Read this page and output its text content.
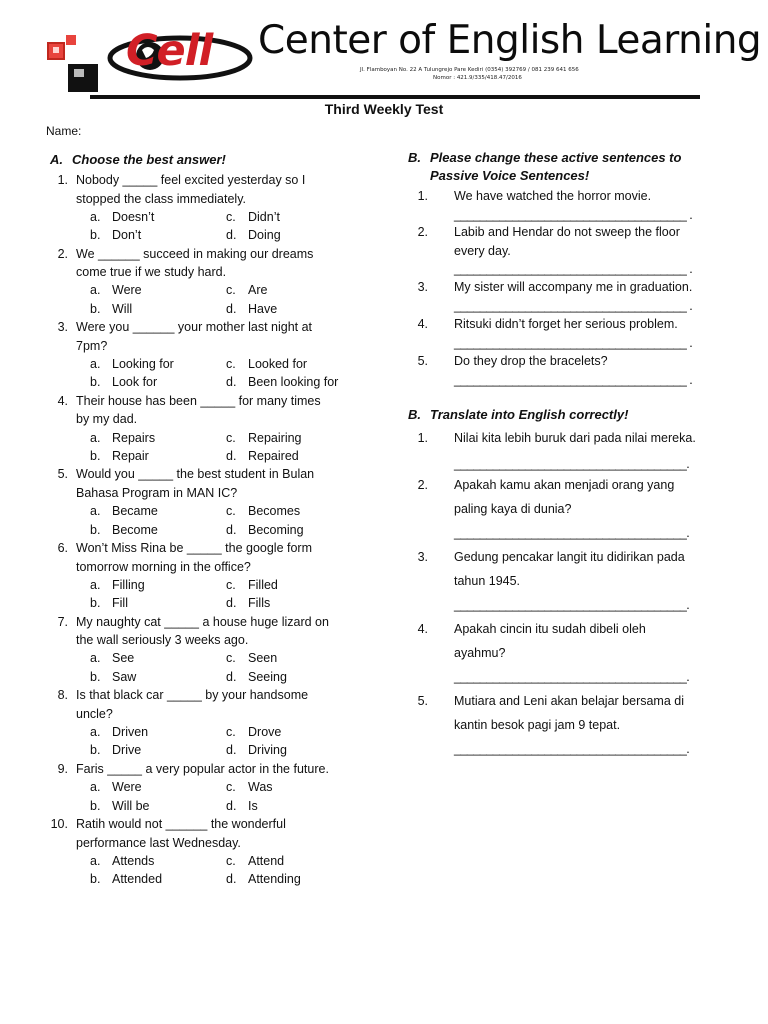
Cell Center of English Learning
Jl. Flamboyan No. 22 A Tulungrejo Pare Kediri (0354) 392769 / 081 239 641 656
Nomor : 421.9/335/418.47/2016
Third Weekly Test
Name:
A. Choose the best answer!
1. Nobody _____ feel excited yesterday so I
stopped the class immediately.
a. Doesn’t	c. Didn’t
b. Don’t	d. Doing
2. We ______ succeed in making our dreams
come true if we study hard.
a. Were	c. Are
b. Will	d. Have
3. Were you ______ your mother last night at
7pm?
a. Looking for	c. Looked for
b. Look for	d. Been looking for
4. Their house has been _____ for many times
by my dad.
a. Repairs	c. Repairing
b. Repair	d. Repaired
5. Would you _____ the best student in Bulan
Bahasa Program in MAN IC?
a. Became	c. Becomes
b. Become	d. Becoming
6. Won’t Miss Rina be _____ the google form
tomorrow morning in the office?
a. Filling	c. Filled
b. Fill	d. Fills
7. My naughty cat _____ a house huge lizard on
the wall seriously 3 weeks ago.
a. See	c. Seen
b. Saw	d. Seeing
8. Is that black car _____ by your handsome
uncle?
a. Driven	c. Drove
b. Drive	d. Driving
9. Faris _____ a very popular actor in the future.
a. Were	c. Was
b. Will be	d. Is
10. Ratih would not ______ the wonderful
performance last Wednesday.
a. Attends	c. Attend
b. Attended	d. Attending
B. Please change these active sentences to
Passive Voice Sentences!
1. We have watched the horror movie.
____________________________________ .
2. Labib and Hendar do not sweep the floor
every day.
____________________________________ .
3. My sister will accompany me in graduation.
____________________________________ .
4. Ritsuki didn’t forget her serious problem.
____________________________________ .
5. Do they drop the bracelets?
____________________________________ .
B. Translate into English correctly!
1. Nilai kita lebih buruk dari pada nilai mereka.
____________________________________.
2. Apakah kamu akan menjadi orang yang
paling kaya di dunia?
____________________________________.
3. Gedung pencakar langit itu didirikan pada
tahun 1945.
____________________________________.
4. Apakah cincin itu sudah dibeli oleh
ayahmu?
____________________________________.
5. Mutiara and Leni akan belajar bersama di
kantin besok pagi jam 9 tepat.
____________________________________.
